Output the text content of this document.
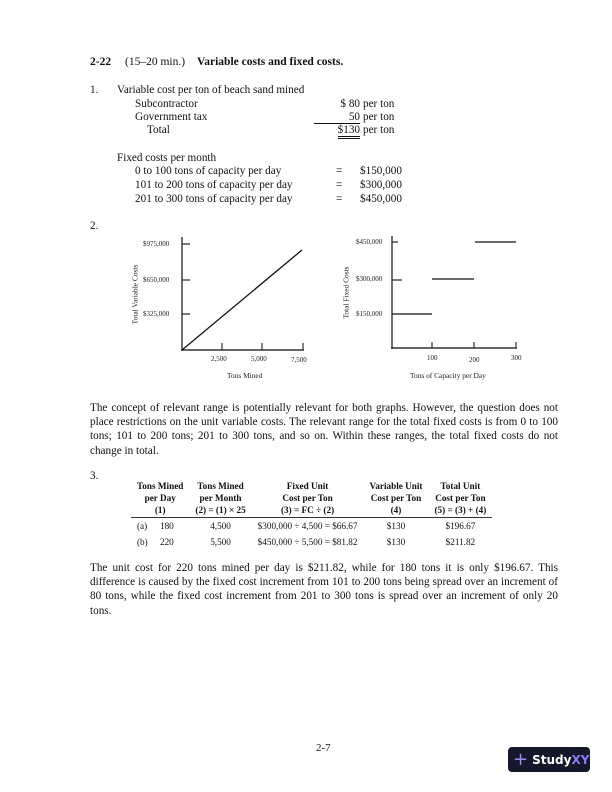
2-22 (15–20 min.) Variable costs and fixed costs.
1. Variable cost per ton of beach sand mined
Subcontractor	$ 80 per ton
Government tax	50 per ton
Total	$130 per ton
Fixed costs per month
0 to 100 tons of capacity per day	= $150,000
101 to 200 tons of capacity per day	= $300,000
201 to 300 tons of capacity per day	= $450,000
2.
$975,000
$650,000
$325,000
2,500	5,000	7,500
Tons Mined
Total Variable Costs
$450,000
$300,000
$150,000
100	200	300
Tons of Capacity per Day
Total Fixed Costs
The concept of relevant range is potentially relevant for both graphs. However, the question does not place restrictions on the unit variable costs. The relevant range for the total fixed costs is from 0 to 100 tons; 101 to 200 tons; 201 to 300 tons, and so on. Within these ranges, the total fixed costs do not change in total.
3.
Tons Mined		Tons Mined	Fixed Unit	Variable Unit	Total Unit
per Day		per Month	Cost per Ton	Cost per Ton	Cost per Ton
(1)		(2) = (1) × 25	(3) = FC ÷ (2)	(4)	(5) = (3) + (4)
(a)	180	4,500	$300,000 ÷ 4,500 = $66.67	$130	$196.67
(b)	220	5,500	$450,000 ÷ 5,500 = $81.82	$130	$211.82
The unit cost for 220 tons mined per day is $211.82, while for 180 tons it is only $196.67. This difference is caused by the fixed cost increment from 101 to 200 tons being spread over an increment of 80 tons, while the fixed cost increment from 201 to 300 tons is spread over an increment of only 20 tons.
2-7
+ Study XY
